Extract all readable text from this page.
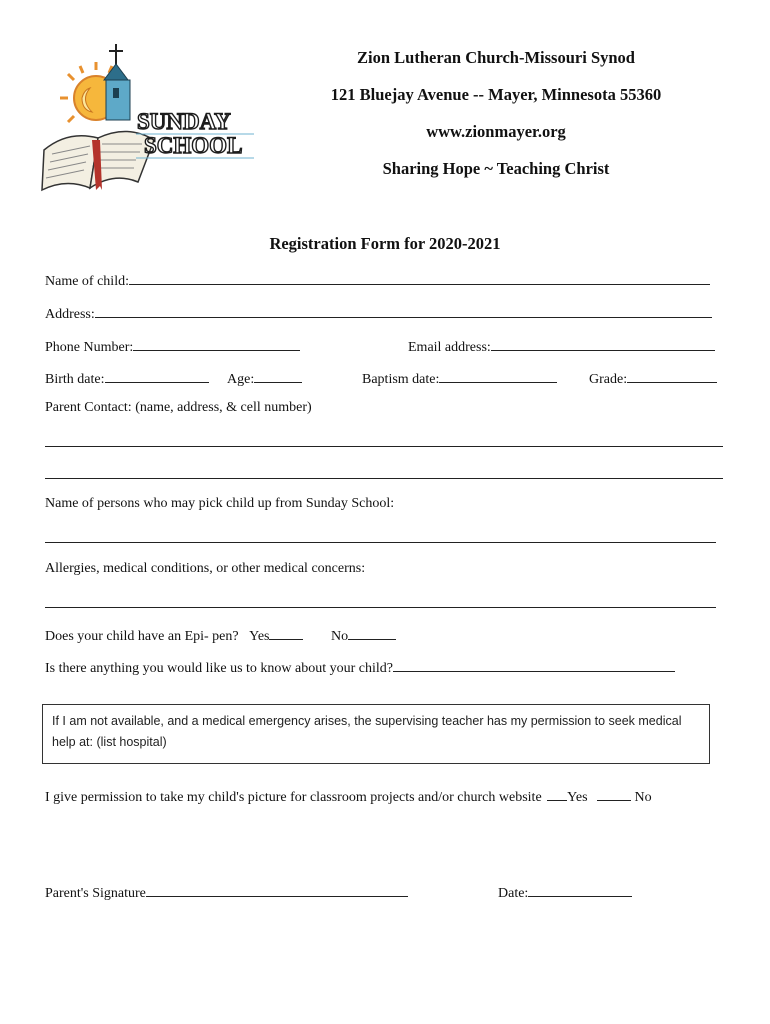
SUNDAY
SCHOOL
Zion Lutheran Church-Missouri Synod
121 Bluejay Avenue -- Mayer, Minnesota 55360
www.zionmayer.org
Sharing Hope ~ Teaching Christ
Registration Form for 2020-2021
Name of child:
Address:
Phone Number:	Email address:
Birth date:	Age:	Baptism date:	Grade:
Parent Contact: (name, address, & cell number)
Name of persons who may pick child up from Sunday School:
Allergies, medical conditions, or other medical concerns:
Does your child have an Epi- pen? Yes	No
Is there anything you would like us to know about your child?
If I am not available, and a medical emergency arises, the supervising teacher has my permission to seek medical help at: (list hospital)
I give permission to take my child's picture for classroom projects and/or church website Yes	No
Parent's Signature	Date:
